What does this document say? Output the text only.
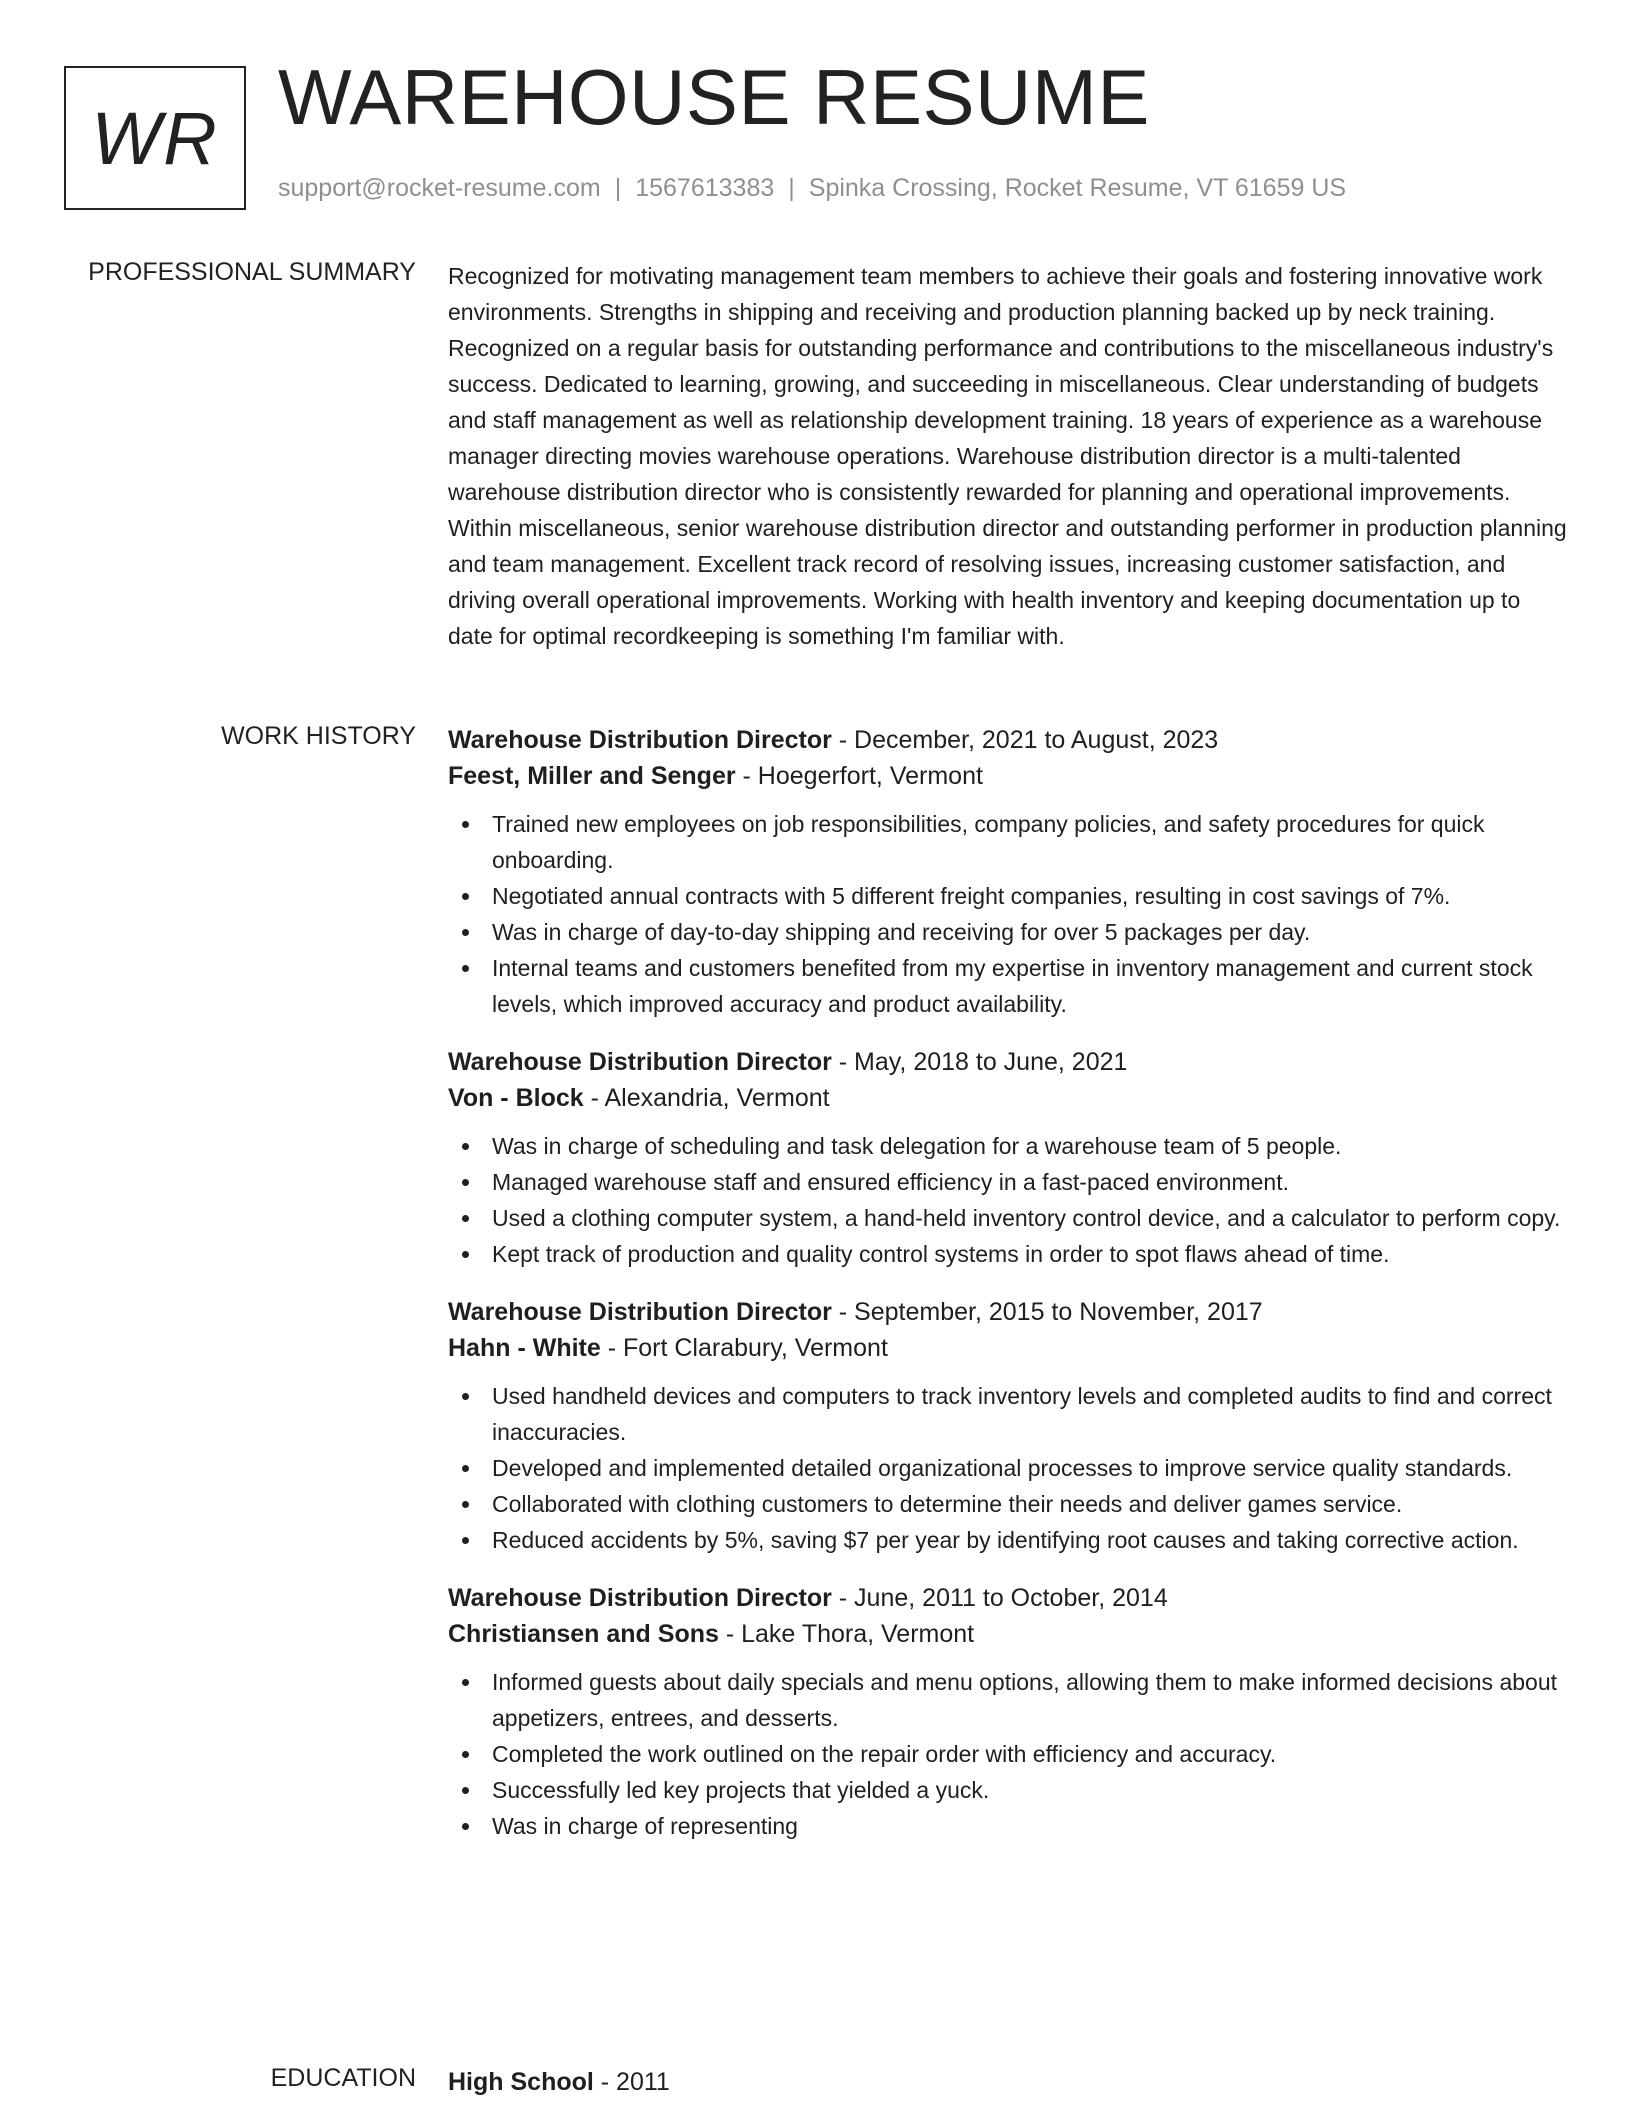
WR WAREHOUSE RESUME
support@rocket-resume.com | 1567613383 | Spinka Crossing, Rocket Resume, VT 61659 US
PROFESSIONAL SUMMARY Recognized for motivating management team members to achieve their goals and fostering innovative work environments. Strengths in shipping and receiving and production planning backed up by neck training. Recognized on a regular basis for outstanding performance and contributions to the miscellaneous industry's success. Dedicated to learning, growing, and succeeding in miscellaneous. Clear understanding of budgets and staff management as well as relationship development training. 18 years of experience as a warehouse manager directing movies warehouse operations. Warehouse distribution director is a multi-talented warehouse distribution director who is consistently rewarded for planning and operational improvements. Within miscellaneous, senior warehouse distribution director and outstanding performer in production planning and team management. Excellent track record of resolving issues, increasing customer satisfaction, and driving overall operational improvements. Working with health inventory and keeping documentation up to date for optimal recordkeeping is something I'm familiar with.

WORK HISTORY Warehouse Distribution Director - December, 2021 to August, 2023

Feest, Miller and Senger - Hoegerfort, Vermont

Trained new employees on job responsibilities, company policies, and safety procedures for quick onboarding.
Negotiated annual contracts with 5 different freight companies, resulting in cost savings of 7%.
Was in charge of day-to-day shipping and receiving for over 5 packages per day.
Internal teams and customers benefited from my expertise in inventory management and current stock levels, which improved accuracy and product availability.

Warehouse Distribution Director - May, 2018 to June, 2021

Von - Block - Alexandria, Vermont

Was in charge of scheduling and task delegation for a warehouse team of 5 people.
Managed warehouse staff and ensured efficiency in a fast-paced environment.
Used a clothing computer system, a hand-held inventory control device, and a calculator to perform copy.
Kept track of production and quality control systems in order to spot flaws ahead of time.

Warehouse Distribution Director - September, 2015 to November, 2017

Hahn - White - Fort Clarabury, Vermont

Used handheld devices and computers to track inventory levels and completed audits to find and correct inaccuracies.
Developed and implemented detailed organizational processes to improve service quality standards.
Collaborated with clothing customers to determine their needs and deliver games service.
Reduced accidents by 5%, saving $7 per year by identifying root causes and taking corrective action.

Warehouse Distribution Director - June, 2011 to October, 2014

Christiansen and Sons - Lake Thora, Vermont

Informed guests about daily specials and menu options, allowing them to make informed decisions about appetizers, entrees, and desserts.
Completed the work outlined on the repair order with efficiency and accuracy.
Successfully led key projects that yielded a yuck.
Was in charge of representing
EDUCATION High School - 2011
